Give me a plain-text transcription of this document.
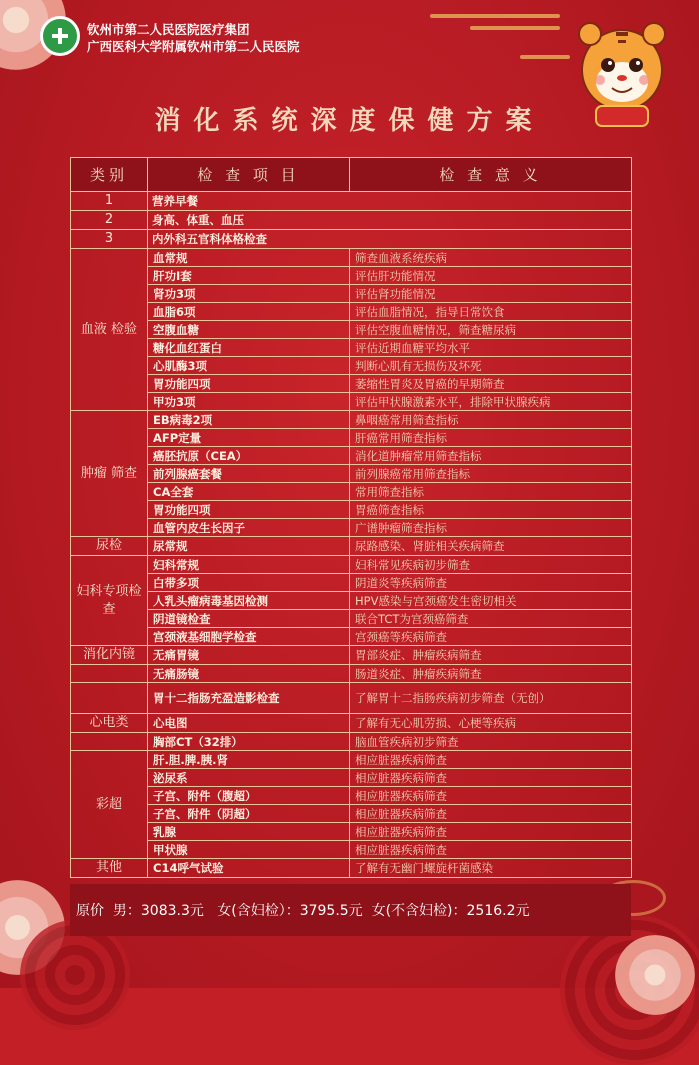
钦州市第二人民医院医疗集团
广西医科大学附属钦州市第二人民医院
消化系统深度保健方案
类别	检 查 项 目	检 查 意 义
1	营养早餐	
2	身高、体重、血压	
3	内外科五官科体格检查	
血液 检验	血常规	筛查血液系统疾病
	肝功Ⅰ套	评估肝功能情况
	肾功3项	评估肾功能情况
	血脂6项	评估血脂情况，指导日常饮食
	空腹血糖	评估空腹血糖情况，筛查糖尿病
	糖化血红蛋白	评估近期血糖平均水平
	心肌酶3项	判断心肌有无损伤及坏死
	胃功能四项	萎缩性胃炎及胃癌的早期筛查
	甲功3项	评估甲状腺激素水平，排除甲状腺疾病
肿瘤 筛查	EB病毒2项	鼻咽癌常用筛查指标
	AFP定量	肝癌常用筛查指标
	癌胚抗原（CEA）	消化道肿瘤常用筛查指标
	前列腺癌套餐	前列腺癌常用筛查指标
	CA全套	常用筛查指标
	胃功能四项	胃癌筛查指标
	血管内皮生长因子	广谱肿瘤筛查指标
尿检	尿常规	尿路感染、肾脏相关疾病筛查
妇科专项检查	妇科常规	妇科常见疾病初步筛查
	白带多项	阴道炎等疾病筛查
	人乳头瘤病毒基因检测	HPV感染与宫颈癌发生密切相关
	阴道镜检查	联合TCT为宫颈癌筛查
	宫颈液基细胞学检查	宫颈癌等疾病筛查
消化内镜	无痛胃镜	胃部炎症、肿瘤疾病筛查
	无痛肠镜	肠道炎症、肿瘤疾病筛查
	胃十二指肠充盈造影检查	了解胃十二指肠疾病初步筛查（无创）
心电类	心电图	了解有无心肌劳损、心梗等疾病
	胸部CT（32排）	脑血管疾病初步筛查
彩超	肝.胆.脾.胰.肾	相应脏器疾病筛查
	泌尿系	相应脏器疾病筛查
	子宫、附件（腹超）	相应脏器疾病筛查
	子宫、附件（阴超）	相应脏器疾病筛查
	乳腺	相应脏器疾病筛查
	甲状腺	相应脏器疾病筛查
其他	C14呼气试验	了解有无幽门螺旋杆菌感染
原价  男：3083.3元   女(含妇检）：3795.5元  女(不含妇检)：2516.2元
